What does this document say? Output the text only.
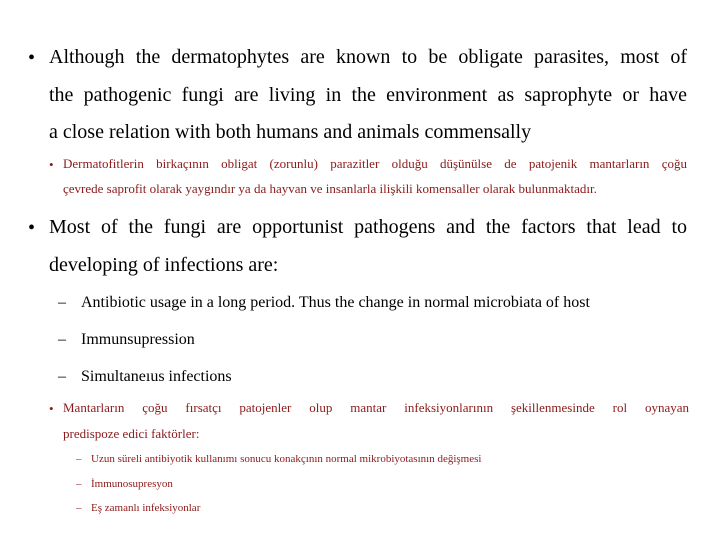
• Although the dermatophytes are known to be obligate parasites, most of
the pathogenic fungi are living in the environment as saprophyte or have
a close relation with both humans and animals commensally
• Dermatofitlerin birkaçının obligat (zorunlu) parazitler olduğu düşünülse de patojenik mantarların çoğu
çevrede saprofit olarak yaygındır ya da hayvan ve insanlarla ilişkili komensaller olarak bulunmaktadır.
• Most of the fungi are opportunist pathogens and the factors that lead to
developing of infections are:
– Antibiotic usage in a long period. Thus the change in normal microbiata of host
– Immunsupression
– Simultaneıus infections
• Mantarların çoğu fırsatçı patojenler olup mantar infeksiyonlarının şekillenmesinde rol oynayan
predispoze edici faktörler:
– Uzun süreli antibiyotik kullanımı sonucu konakçının normal mikrobiyotasının değişmesi
– İmmunosupresyon
– Eş zamanlı infeksiyonlar
